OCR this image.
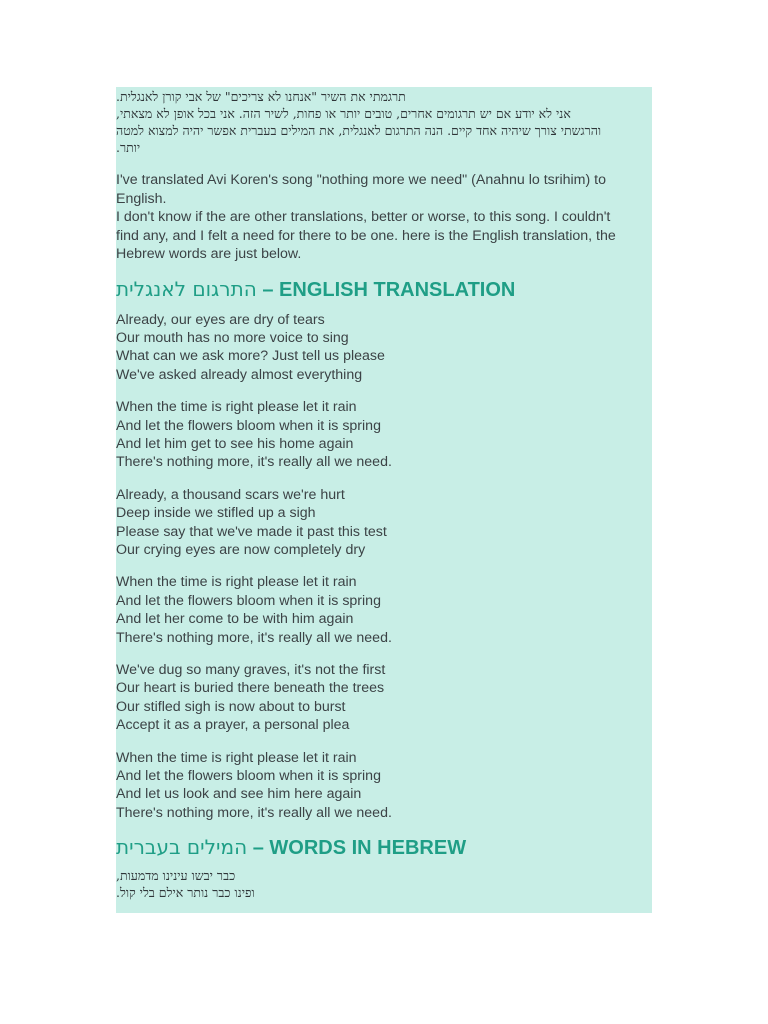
תרגמתי את השיר "אנחנו לא צריכים" של אבי קורן לאנגלית.
אני לא יודע אם יש תרגומים אחרים, טובים יותר או פחות, לשיר הזה. אני בכל אופן לא מצאתי,
והרגשתי צורך שיהיה אחד קיים. הנה התרגום לאנגלית, את המילים בעברית אפשר יהיה למצוא למטה
יותר.

I've translated Avi Koren's song "nothing more we need" (Anahnu lo tsrihim) to

English.

I don't know if the are other translations, better or worse, to this song. I couldn't

find any, and I felt a need for there to be one. here is the English translation, the

Hebrew words are just below.

התרגום לאנגלית – ENGLISH TRANSLATION
Already, our eyes are dry of tears
Our mouth has no more voice to sing
What can we ask more? Just tell us please
We've asked already almost everything
When the time is right please let it rain
And let the flowers bloom when it is spring
And let him get to see his home again
There's nothing more, it's really all we need.
Already, a thousand scars we're hurt
Deep inside we stifled up a sigh
Please say that we've made it past this test
Our crying eyes are now completely dry
When the time is right please let it rain
And let the flowers bloom when it is spring
And let her come to be with him again
There's nothing more, it's really all we need.
We've dug so many graves, it's not the first
Our heart is buried there beneath the trees
Our stifled sigh is now about to burst
Accept it as a prayer, a personal plea
When the time is right please let it rain
And let the flowers bloom when it is spring
And let us look and see him here again
There's nothing more, it's really all we need.
המילים בעברית – WORDS IN HEBREW
כבר יבשו עינינו מדמעות,
ופינו כבר נותר אילם בלי קול.
